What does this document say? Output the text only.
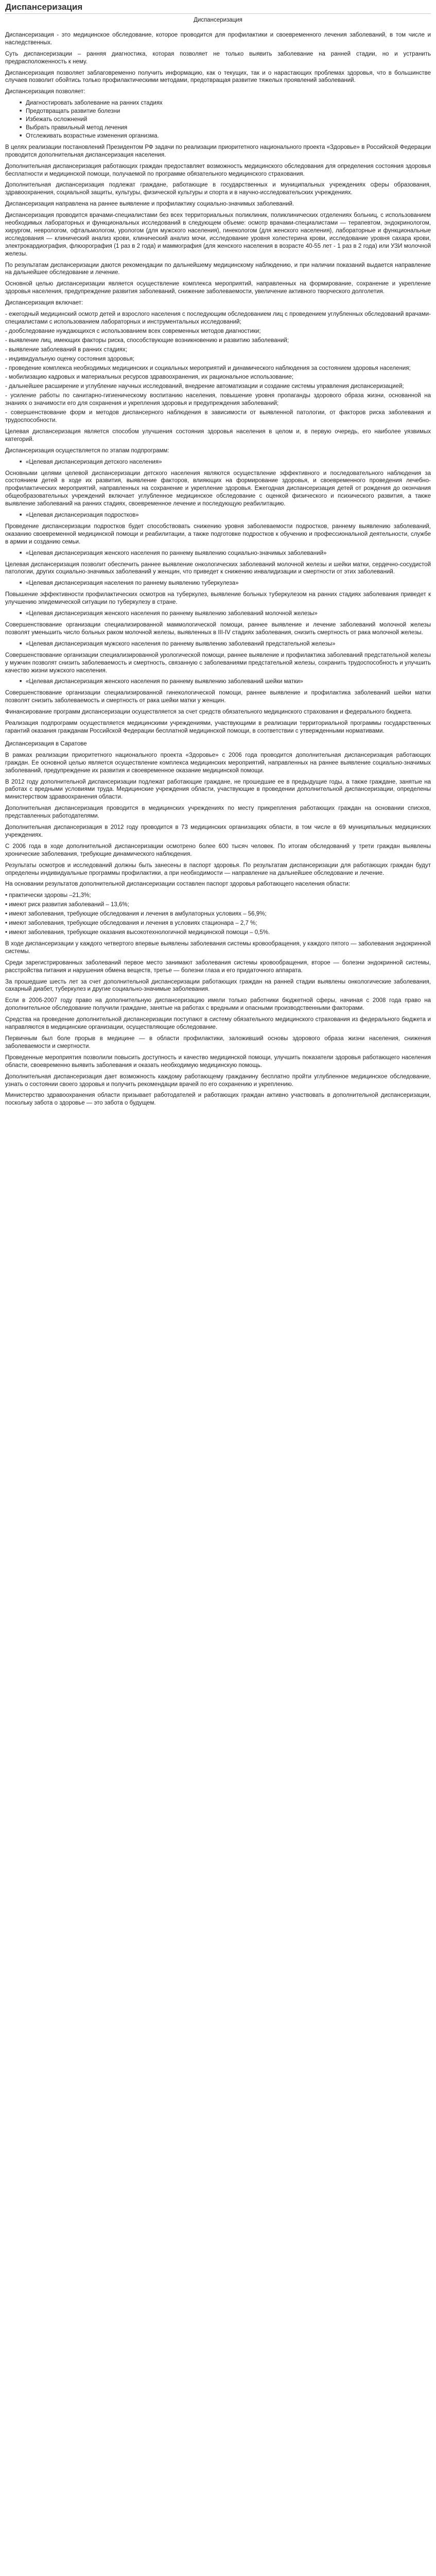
Диспансеризация
Диспансеризация

Диспансеризация - это медицинское обследование, которое проводится для профилактики и своевременного лечения заболеваний, в том числе и наследственных.

Суть диспансеризации – ранняя диагностика, которая позволяет не только выявить заболевание на ранней стадии, но и устранить предрасположенность к нему.

Диспансеризация позволяет заблаговременно получить информацию, как о текущих, так и о нарастающих проблемах здоровья, что в большинстве случаев позволит обойтись только профилактическими методами, предотвращая развитие тяжелых проявлений заболеваний.

Диспансеризация позволяет:

■ Диагностировать заболевание на ранних стадиях
■ Предотвращать развитие болезни
■ Избежать осложнений
■ Выбрать правильный метод лечения
■ Отслеживать возрастные изменения организма.

В целях реализации постановлений Президентом РФ задачи по реализации приоритетного национального проекта «Здоровье» в Российской Федерации проводится дополнительная диспансеризация населения.

Дополнительная диспансеризация работающих граждан предоставляет возможность медицинского обследования для определения состояния здоровья бесплатности и медицинской помощи, получаемой по программе обязательного медицинского страхования.

Дополнительная диспансеризация подлежат граждане, работающие в государственных и муниципальных учреждениях сферы образования, здравоохранения, социальной защиты, культуры, физической культуры и спорта и в научно-исследовательских учреждениях.

Диспансеризация направлена на раннее выявление и профилактику социально-значимых заболеваний.

Диспансеризация проводится врачами-специалистами без всех территориальных поликлиник, поликлинических отделениях больниц, с использованием необходимых лабораторных и функциональных исследований в следующем объеме: осмотр врачами-специалистами — терапевтом, эндокринологом, хирургом, неврологом, офтальмологом, урологом (для мужского населения), гинекологом (для женского населения), лабораторные и функциональные исследования — клинический анализ крови, клинический анализ мочи, исследование уровня холестерина крови, исследование уровня сахара крови, электрокардиография, флюорография (1 раз в 2 года) и маммография (для женского населения в возрасте 40-55 лет - 1 раз в 2 года) или УЗИ молочной железы.

По результатам диспансеризации даются рекомендации по дальнейшему медицинскому наблюдению, и при наличии показаний выдается направление на дальнейшее обследование и лечение.

Основной целью диспансеризации является осуществление комплекса мероприятий, направленных на формирование, сохранение и укрепление здоровья населения, предупреждение развития заболеваний, снижение заболеваемости, увеличение активного творческого долголетия.

Диспансеризация включает:

- ежегодный медицинский осмотр детей и взрослого населения с последующим обследованием лиц с проведением углубленных обследований врачами-специалистами с использованием лабораторных и инструментальных исследований;

- дообследование нуждающихся с использованием всех современных методов диагностики;

- выявление лиц, имеющих факторы риска, способствующие возникновению и развитию заболеваний;

- выявление заболеваний в ранних стадиях;

- индивидуальную оценку состояния здоровья;

- проведение комплекса необходимых медицинских и социальных мероприятий и динамического наблюдения за состоянием здоровья населения;

- мобилизацию кадровых и материальных ресурсов здравоохранения, их рациональное использование;

- дальнейшее расширение и углубление научных исследований, внедрение автоматизации и создание системы управления диспансеризацией;

- усиление работы по санитарно-гигиеническому воспитанию населения, повышение уровня пропаганды здорового образа жизни, основанной на знаниях о значимости его для сохранения и укрепления здоровья и предупреждения заболеваний;

- совершенствование форм и методов диспансерного наблюдения в зависимости от выявленной патологии, от факторов риска заболевания и трудоспособности.

Целевая диспансеризация является способом улучшения состояния здоровья населения в целом и, в первую очередь, его наиболее уязвимых категорий.

Диспансеризация осуществляется по этапам подпрограмм:

■ «Целевая диспансеризация детского населения»

Основными целями целевой диспансеризации детского населения являются осуществление эффективного и последовательного наблюдения за состоянием детей в ходе их развития, выявление факторов, влияющих на формирование здоровья, и своевременного проведения лечебно-профилактических мероприятий, направленных на сохранение и укрепление здоровья. Ежегодная диспансеризация детей от рождения до окончания общеобразовательных учреждений включает углубленное медицинское обследование с оценкой физического и психического развития, а также выявление заболеваний на ранних стадиях, своевременное лечение и последующую реабилитацию.

■ «Целевая диспансеризация подростков»

Проведение диспансеризации подростков будет способствовать снижению уровня заболеваемости подростков, раннему выявлению заболеваний, оказанию своевременной медицинской помощи и реабилитации, а также подготовке подростков к обучению и профессиональной деятельности, службе в армии и созданию семьи.

■ «Целевая диспансеризация женского населения по раннему выявлению социально-значимых заболеваний»

Целевая диспансеризация позволит обеспечить раннее выявление онкологических заболеваний молочной железы и шейки матки, сердечно-сосудистой патологии, других социально-значимых заболеваний у женщин, что приведет к снижению инвалидизации и смертности от этих заболеваний.

■ «Целевая диспансеризация населения по раннему выявлению туберкулеза»

Повышение эффективности профилактических осмотров на туберкулез, выявление больных туберкулезом на ранних стадиях заболевания приведет к улучшению эпидемической ситуации по туберкулезу в стране.

■ «Целевая диспансеризация женского населения по раннему выявлению заболеваний молочной железы»

Совершенствование организации специализированной маммологической помощи, раннее выявление и лечение заболеваний молочной железы позволят уменьшить число больных раком молочной железы, выявленных в III-IV стадиях заболевания, снизить смертность от рака молочной железы.

■ «Целевая диспансеризация мужского населения по раннему выявлению заболеваний предстательной железы»

Совершенствование организации специализированной урологической помощи, раннее выявление и профилактика заболеваний предстательной железы у мужчин позволят снизить заболеваемость и смертность, связанную с заболеваниями предстательной железы, сохранить трудоспособность и улучшить качество жизни мужского населения.

■ «Целевая диспансеризация женского населения по раннему выявлению заболеваний шейки матки»

Совершенствование организации специализированной гинекологической помощи, раннее выявление и профилактика заболеваний шейки матки позволят снизить заболеваемость и смертность от рака шейки матки у женщин.

Финансирование программ диспансеризации осуществляется за счет средств обязательного медицинского страхования и федерального бюджета.

Реализация подпрограмм осуществляется медицинскими учреждениями, участвующими в реализации территориальной программы государственных гарантий оказания гражданам Российской Федерации бесплатной медицинской помощи, в соответствии с утвержденными нормативами.

Диспансеризация в Саратове

В рамках реализации приоритетного национального проекта «Здоровье» с 2006 года проводится дополнительная диспансеризация работающих граждан. Ее основной целью является осуществление комплекса медицинских мероприятий, направленных на раннее выявление социально-значимых заболеваний, предупреждение их развития и своевременное оказание медицинской помощи.

В 2012 году дополнительной диспансеризации подлежат работающие граждане, не прошедшие ее в предыдущие годы, а также граждане, занятые на работах с вредными условиями труда. Медицинские учреждения области, участвующие в проведении дополнительной диспансеризации, определены министерством здравоохранения области.

Дополнительная диспансеризация проводится в медицинских учреждениях по месту прикрепления работающих граждан на основании списков, представленных работодателями.

Дополнительная диспансеризация в 2012 году проводится в 73 медицинских организациях области, в том числе в 69 муниципальных медицинских учреждениях.

С 2006 года в ходе дополнительной диспансеризации осмотрено более 600 тысяч человек. По итогам обследований у трети граждан выявлены хронические заболевания, требующие динамического наблюдения.

Результаты осмотров и исследований должны быть занесены в паспорт здоровья. По результатам диспансеризации для работающих граждан будут определены индивидуальные программы профилактики, а при необходимости — направление на дальнейшее обследование и лечение.

На основании результатов дополнительной диспансеризации составлен паспорт здоровья работающего населения области:

• практически здоровы –21,3%;

• имеют риск развития заболеваний – 13,6%;

• имеют заболевания, требующие обследования и лечения в амбулаторных условиях – 56,9%;

• имеют заболевания, требующие обследования и лечения в условиях стационара – 2,7 %;

• имеют заболевания, требующие оказания высокотехнологичной медицинской помощи – 0,5%.

В ходе диспансеризации у каждого четвертого впервые выявлены заболевания системы кровообращения, у каждого пятого — заболевания эндокринной системы.

Среди зарегистрированных заболеваний первое место занимают заболевания системы кровообращения, второе — болезни эндокринной системы, расстройства питания и нарушения обмена веществ, третье — болезни глаза и его придаточного аппарата.

За прошедшие шесть лет за счет дополнительной диспансеризации работающих граждан на ранней стадии выявлены онкологические заболевания, сахарный диабет, туберкулез и другие социально-значимые заболевания.

Если в 2006-2007 году право на дополнительную диспансеризацию имели только работники бюджетной сферы, начиная с 2008 года право на дополнительное обследование получили граждане, занятые на работах с вредными и опасными производственными факторами.

Средства на проведение дополнительной диспансеризации поступают в систему обязательного медицинского страхования из федерального бюджета и направляются в медицинские организации, осуществляющие обследование.

Первичным был боле прорыв в медицине — в области профилактики, заложивший основы здорового образа жизни населения, снижения заболеваемости и смертности.

Проведенные мероприятия позволили повысить доступность и качество медицинской помощи, улучшить показатели здоровья работающего населения области, своевременно выявить заболевания и оказать необходимую медицинскую помощь.

Дополнительная диспансеризация дает возможность каждому работающему гражданину бесплатно пройти углубленное медицинское обследование, узнать о состоянии своего здоровья и получить рекомендации врачей по его сохранению и укреплению.

Министерство здравоохранения области призывает работодателей и работающих граждан активно участвовать в дополнительной диспансеризации, поскольку забота о здоровье — это забота о будущем.
